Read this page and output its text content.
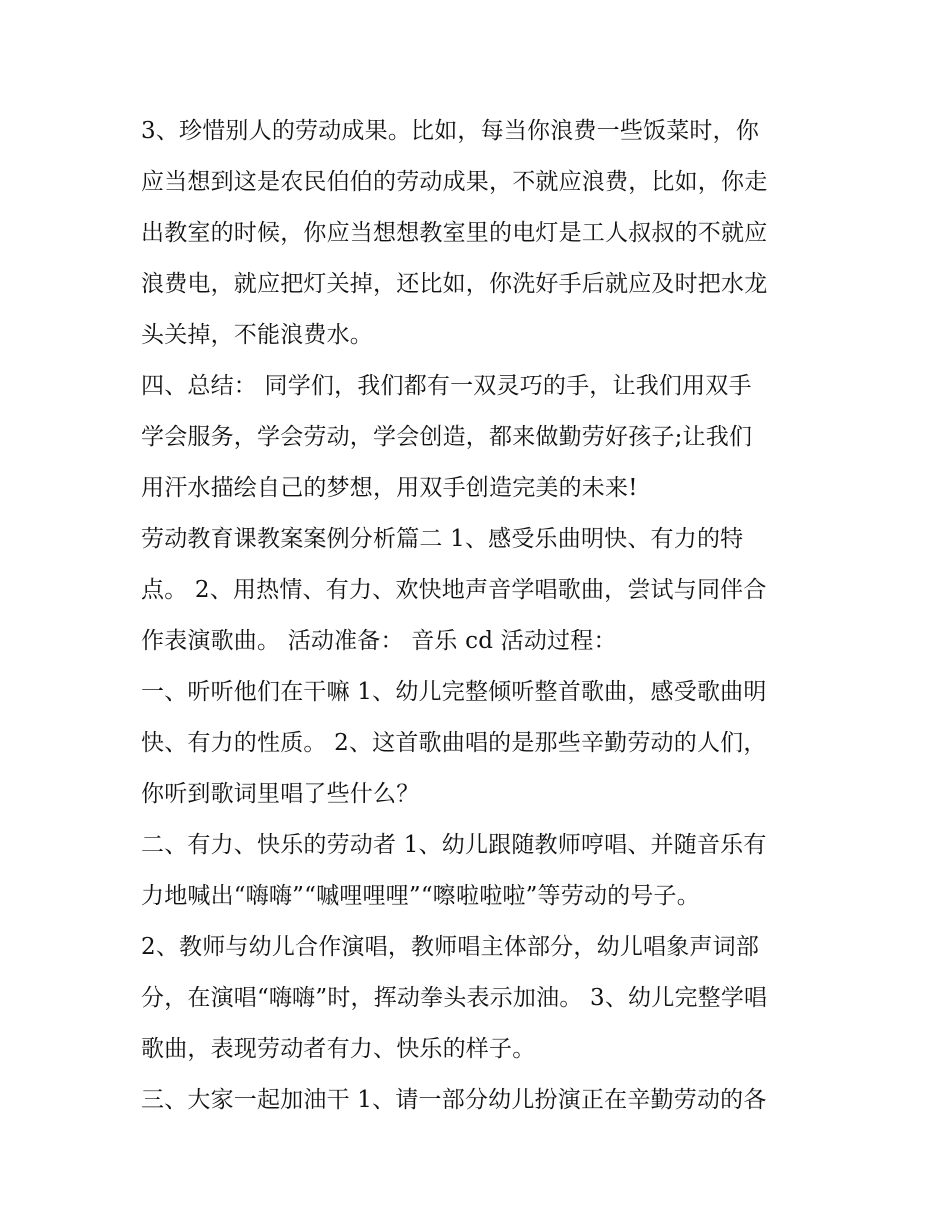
3、珍惜别人的劳动成果。比如，每当你浪费一些饭菜时，你
应当想到这是农民伯伯的劳动成果，不就应浪费，比如，你走
出教室的时候，你应当想想教室里的电灯是工人叔叔的不就应
浪费电，就应把灯关掉，还比如，你洗好手后就应及时把水龙
头关掉，不能浪费水。
四、总结： 同学们，我们都有一双灵巧的手，让我们用双手
学会服务，学会劳动，学会创造，都来做勤劳好孩子;让我们
用汗水描绘自己的梦想，用双手创造完美的未来!
劳动教育课教案案例分析篇二 1、感受乐曲明快、有力的特
点。 2、用热情、有力、欢快地声音学唱歌曲，尝试与同伴合
作表演歌曲。 活动准备： 音乐 cd 活动过程：
一、听听他们在干嘛 1、幼儿完整倾听整首歌曲，感受歌曲明
快、有力的性质。 2、这首歌曲唱的是那些辛勤劳动的人们，
你听到歌词里唱了些什么？
二、有力、快乐的劳动者 1、幼儿跟随教师哼唱、并随音乐有
力地喊出“嗨嗨”“嘁哩哩哩”“嚓啦啦啦”等劳动的号子。
2、教师与幼儿合作演唱，教师唱主体部分，幼儿唱象声词部
分，在演唱“嗨嗨”时，挥动拳头表示加油。 3、幼儿完整学唱
歌曲，表现劳动者有力、快乐的样子。
三、大家一起加油干 1、请一部分幼儿扮演正在辛勤劳动的各
